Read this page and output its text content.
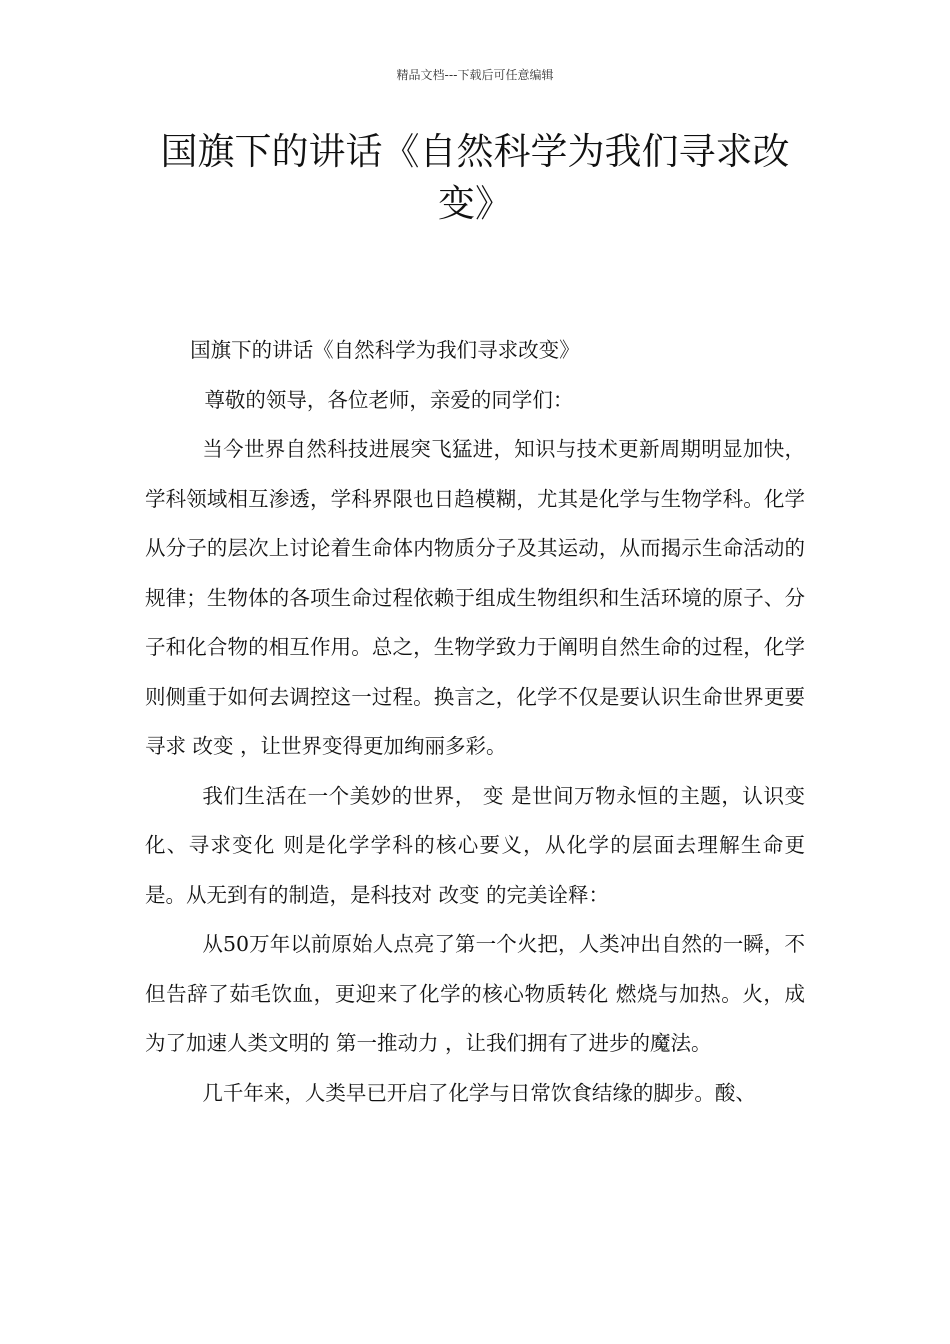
精品文档---下载后可任意编辑
国旗下的讲话《自然科学为我们寻求改变》

国旗下的讲话《自然科学为我们寻求改变》

尊敬的领导，各位老师，亲爱的同学们：

当今世界自然科技进展突飞猛进，知识与技术更新周期明显加快，学科领域相互渗透，学科界限也日趋模糊，尤其是化学与生物学科。化学从分子的层次上讨论着生命体内物质分子及其运动，从而揭示生命活动的规律；生物体的各项生命过程依赖于组成生物组织和生活环境的原子、分子和化合物的相互作用。总之，生物学致力于阐明自然生命的过程，化学则侧重于如何去调控这一过程。换言之，化学不仅是要认识生命世界更要寻求 改变 ，让世界变得更加绚丽多彩。

我们生活在一个美妙的世界， 变 是世间万物永恒的主题，认识变化、寻求变化 则是化学学科的核心要义，从化学的层面去理解生命更是。从无到有的制造，是科技对 改变 的完美诠释：

从50万年以前原始人点亮了第一个火把，人类冲出自然的一瞬，不但告辞了茹毛饮血，更迎来了化学的核心物质转化 燃烧与加热。火，成为了加速人类文明的 第一推动力 ，让我们拥有了进步的魔法。

几千年来，人类早已开启了化学与日常饮食结缘的脚步。酸、
